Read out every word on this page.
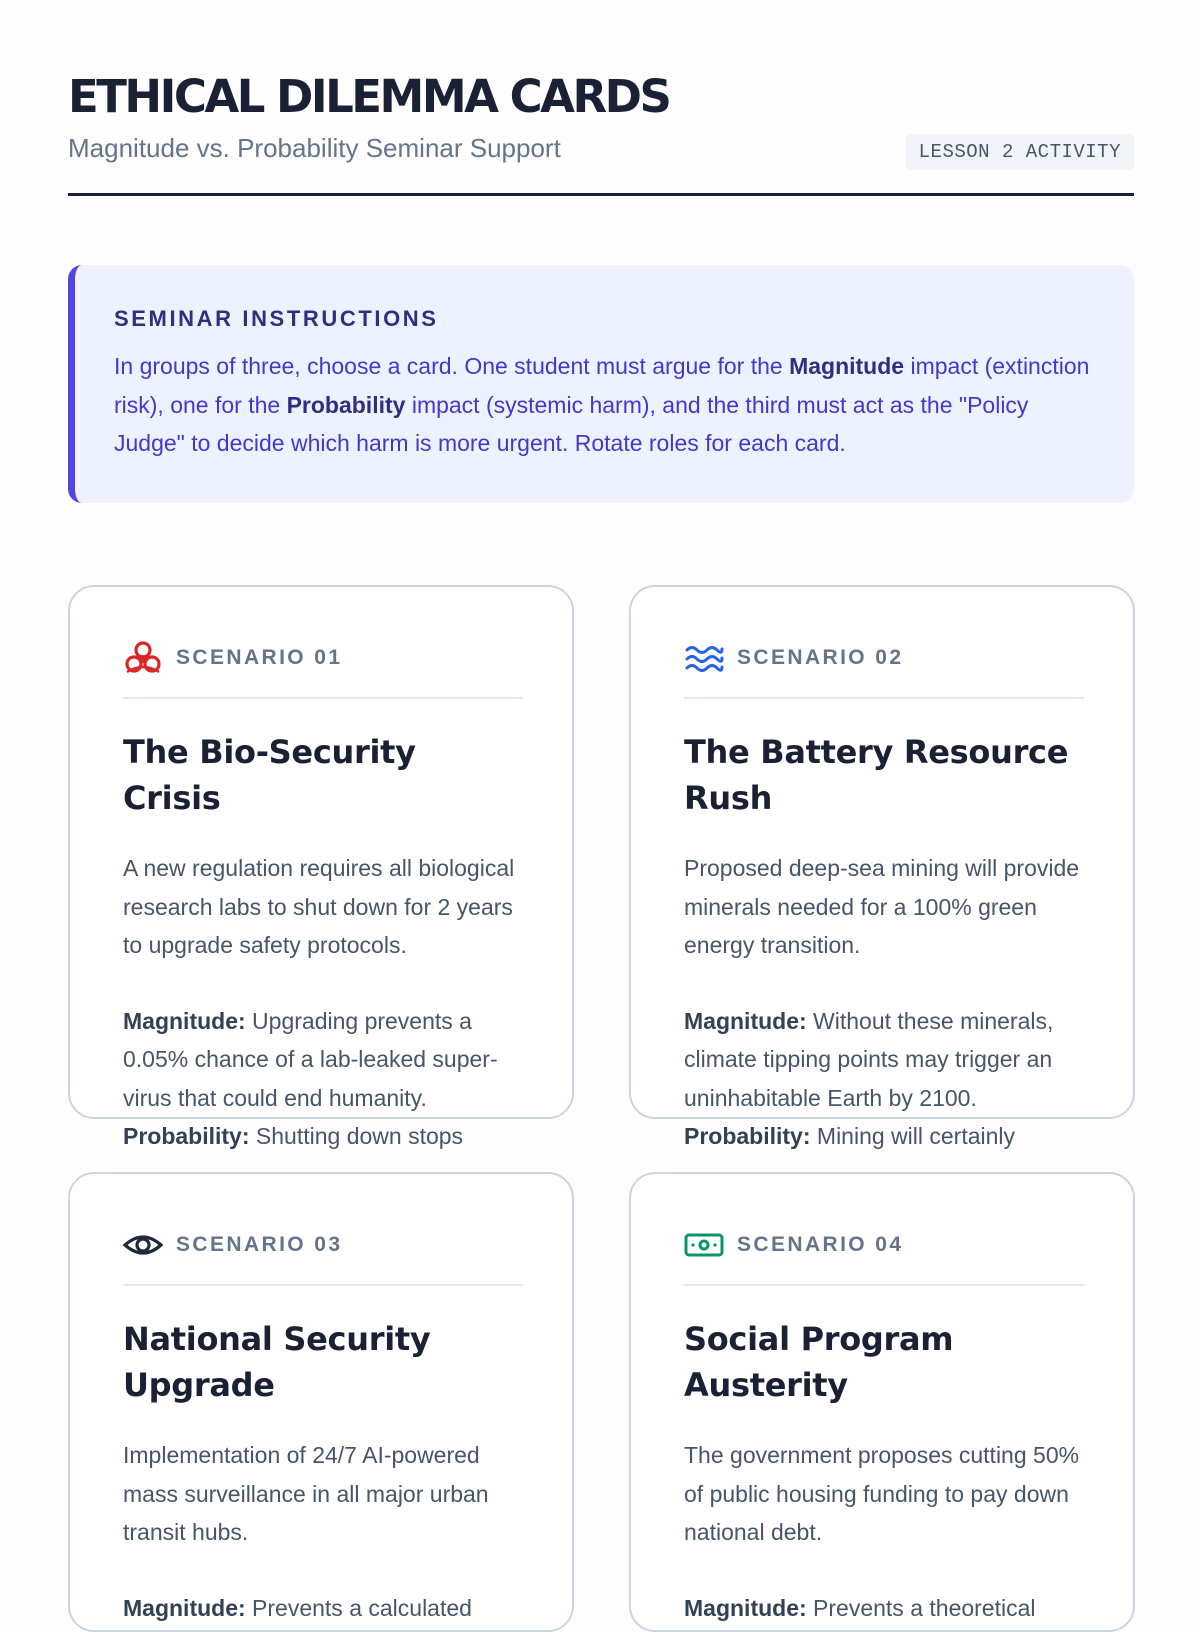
ETHICAL DILEMMA CARDS
Magnitude vs. Probability Seminar Support	LESSON 2 ACTIVITY
SEMINAR INSTRUCTIONS

In groups of three, choose a card. One student must argue for the Magnitude impact (extinction risk), one for the Probability impact (systemic harm), and the third must act as the "Policy Judge" to decide which harm is more urgent. Rotate roles for each card.

SCENARIO 01
The Bio-Security Crisis
A new regulation requires all biological research labs to shut down for 2 years to upgrade safety protocols.
Magnitude: Upgrading prevents a 0.05% chance of a lab-leaked super-virus that could end humanity.
Probability: Shutting down stops
SCENARIO 02
The Battery Resource Rush
Proposed deep-sea mining will provide minerals needed for a 100% green energy transition.
Magnitude: Without these minerals, climate tipping points may trigger an uninhabitable Earth by 2100.
Probability: Mining will certainly
SCENARIO 03
National Security Upgrade
Implementation of 24/7 AI-powered mass surveillance in all major urban transit hubs.
Magnitude: Prevents a calculated
SCENARIO 04
Social Program Austerity
The government proposes cutting 50% of public housing funding to pay down national debt.
Magnitude: Prevents a theoretical
